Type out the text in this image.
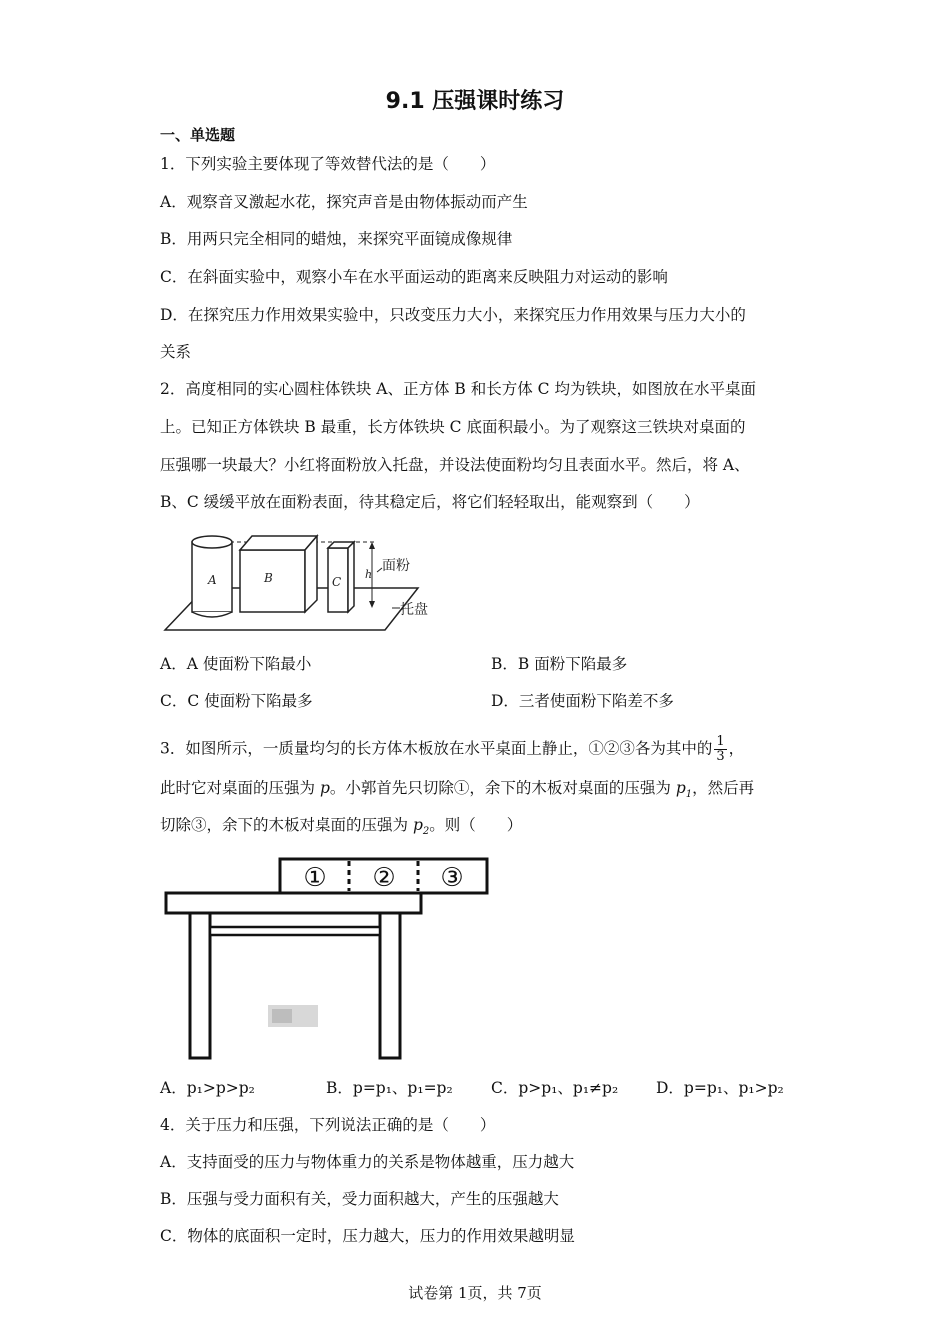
9.1 压强课时练习
一、单选题
1．下列实验主要体现了等效替代法的是（　　）
A．观察音叉激起水花，探究声音是由物体振动而产生
B．用两只完全相同的蜡烛，来探究平面镜成像规律
C．在斜面实验中，观察小车在水平面运动的距离来反映阻力对运动的影响
D．在探究压力作用效果实验中，只改变压力大小，来探究压力作用效果与压力大小的
关系
2．高度相同的实心圆柱体铁块 A、正方体 B 和长方体 C 均为铁块，如图放在水平桌面
上。已知正方体铁块 B 最重，长方体铁块 C 底面积最小。为了观察这三铁块对桌面的
压强哪一块最大？小红将面粉放入托盘，并设法使面粉均匀且表面水平。然后，将 A、
B、C 缓缓平放在面粉表面，待其稳定后，将它们轻轻取出，能观察到（　　）
A	B	C
h
面粉
托盘
A．A 使面粉下陷最小	B．B 面粉下陷最多
C．C 使面粉下陷最多	D．三者使面粉下陷差不多
3．如图所示，一质量均匀的长方体木板放在水平桌面上静止，①②③各为其中的 $\frac{1}{3}$ ，
此时它对桌面的压强为 p。小郭首先只切除①，余下的木板对桌面的压强为 $p_1$，然后再
切除③，余下的木板对桌面的压强为 $p_2$。则（　　）
① ② ③
A．p₁>p>p₂	B．p=p₁、p₁=p₂ C．p>p₁、p₁≠p₂ D．p=p₁、p₁>p₂
4．关于压力和压强，下列说法正确的是（　　）
A．支持面受的压力与物体重力的关系是物体越重，压力越大
B．压强与受力面积有关，受力面积越大，产生的压强越大
C．物体的底面积一定时，压力越大，压力的作用效果越明显
试卷第 1页，共 7页
